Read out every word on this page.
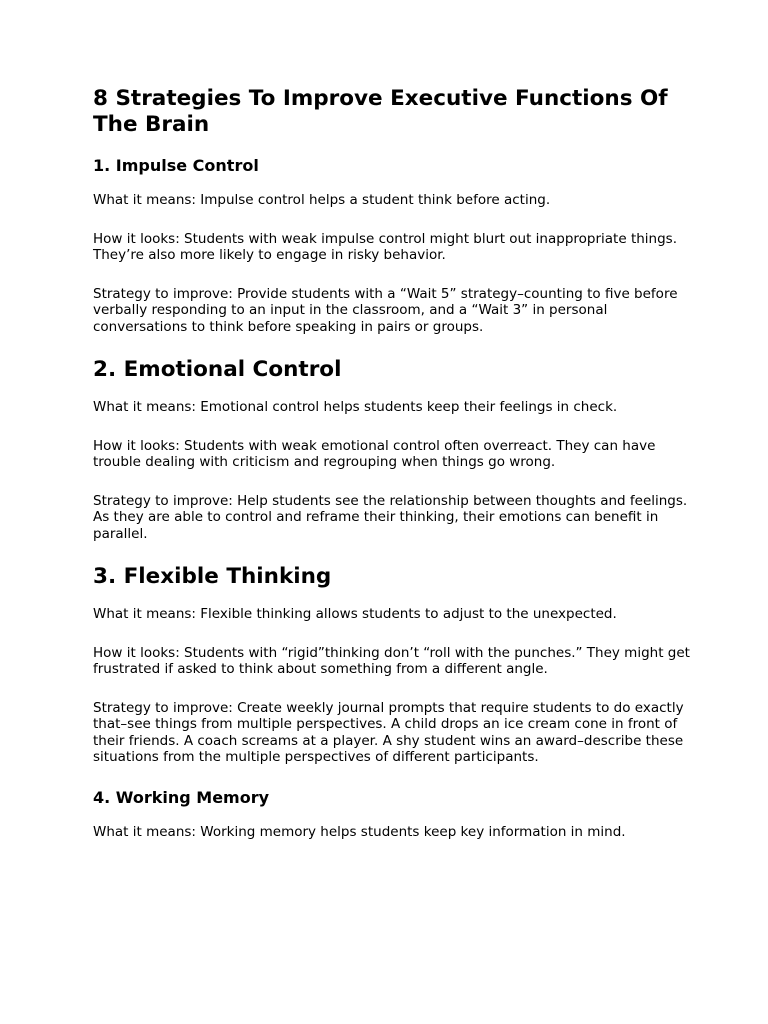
8 Strategies To Improve Executive Functions Of The Brain
1. Impulse Control

What it means: Impulse control helps a student think before acting.

How it looks: Students with weak impulse control might blurt out inappropriate things. They’re also more likely to engage in risky behavior.

Strategy to improve: Provide students with a “Wait 5” strategy–counting to five before verbally responding to an input in the classroom, and a “Wait 3” in personal conversations to think before speaking in pairs or groups.

2. Emotional Control

What it means: Emotional control helps students keep their feelings in check.

How it looks: Students with weak emotional control often overreact. They can have trouble dealing with criticism and regrouping when things go wrong.

Strategy to improve: Help students see the relationship between thoughts and feelings. As they are able to control and reframe their thinking, their emotions can benefit in parallel.

3. Flexible Thinking

What it means: Flexible thinking allows students to adjust to the unexpected.

How it looks: Students with “rigid”thinking don’t “roll with the punches.” They might get frustrated if asked to think about something from a different angle.

Strategy to improve: Create weekly journal prompts that require students to do exactly that–see things from multiple perspectives. A child drops an ice cream cone in front of their friends. A coach screams at a player. A shy student wins an award–describe these situations from the multiple perspectives of different participants.

4. Working Memory

What it means: Working memory helps students keep key information in mind.
